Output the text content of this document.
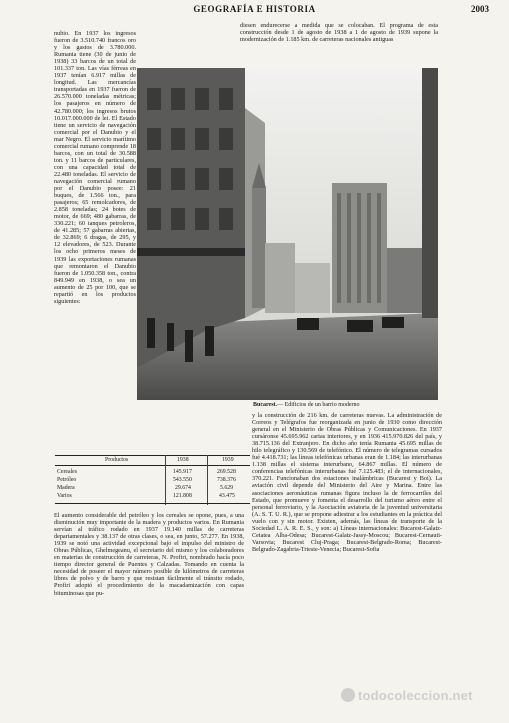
GEOGRAFÍA E HISTORIA	2003

nubio. En 1937 los ingresos fueron de 3.510.740 francos oro y los gastos de 3.780.000. Rumania tiene (30 de junio de 1938) 33 barcos de un total de 101.337 ton. Las vías férreas en 1937 tenían 6.917 millas de longitud. Las mercancías transportadas en 1937 fueron de 26.570.000 toneladas métricas; los pasajeros en número de 42.780.000; los ingresos brutos 10.017.000.000 de lei. El Estado tiene un servicio de navegación comercial por el Danubio y el mar Negro. El servicio marítimo comercial rumano comprende 18 barcos, con un total de 30.588 ton. y 11 barcos de particulares, con una capacidad total de 22.480 toneladas. El servicio de navegación comercial rumano por el Danubio posee: 21 buques, de 1.566 ton., para pasajeros; 65 remolcadores, de 2.858 toneladas; 24 botes de motor, de 669; 480 gabarras, de 330.221; 60 tanques petroleros, de 41.285; 57 gabarras abiertas, de 32.869; 6 dragas, de 295, y 12 elevadores, de 523. Durante los ocho primeros meses de 1939 las exportaciones rumanas que remontaron el Danubio fueron de 1.050.358 ton., contra 849.949 en 1938, o sea un aumento de 25 por 100, que se repartió en los productos siguientes:

diesen endurecerse a medida que se colocaban. El programa de esta construcción desde 1 de agosto de 1938 a 1 de agosto de 1939 supone la modernización de 1.185 km. de carreteras nacionales antiguas

Bucarest.— Edificios de un barrio moderno
Productos	1938	1939
Cereales	145.917	269.528
Petróleo	543.550	738.376
Madera	29.674	5.629
Varios	121.808	43.475

El aumento considerable del petróleo y los cereales se opone, pues, a una disminución muy importante de la madera y productos varios. En Rumania servían al tráfico rodado en 1937 19.140 millas de carreteras departamentales y 38.137 de otras clases, o sea, en junto, 57.277. En 1938, 1939 se notó una actividad excepcional bajo el impulso del ministro de Obras Públicas, Ghelmegeanu, el secretario del mismo y los colaboradores en materias de construcción de carreteras, N. Profiri, nombrado hacía poco tiempo director general de Puentes y Calzadas. Tomando en cuenta la necesidad de poseer el mayor número posible de kilómetros de carreteras libres de polvo y de barro y que resistan fácilmente el tránsito rodado, Profiri adoptó el procedimiento de la macadamización con capas bituminosas que pu-

y la construcción de 216 km. de carreteras nuevas. La administración de Correos y Telégrafos fue reorganizada en junio de 1930 como dirección general en el Ministerio de Obras Públicas y Comunicaciones. En 1937 cursáronse 45.695.962 cartas interiores, y en 1936 415.970.826 del país, y 38.715.136 del Extranjero. En dicho año tenía Rumania 45.695 millas de hilo telegráfico y 130.569 de telefónico. El número de telegramas cursados fué 4.418.731; las líneas telefónicas urbanas eran de 1.184; las interurbanas 1.138 millas el sistema interurbano, 64.867 millas. El número de conferencias telefónicas interurbanas fué 7.125.483; el de internacionales, 370.221. Funcionaban dos estaciones inalámbricas (Bucarest y Boí). La aviación civil depende del Ministerio del Aire y Marina. Entre las asociaciones aeronáuticas rumanas figura incluso la de ferrocarriles del Estado, que promueve y fomenta el desarrollo del turismo aéreo entre el personal ferroviario, y la Asociación aviatoria de la juventud universitaria (A. S. T. U. R.), que se propone adiestrar a los estudiantes en la práctica del vuelo con y sin motor. Existen, además, las líneas de transporte de la Sociedad L. A. R. E. S., y son: a) Líneas internacionales: Bucarest-Galatz-Cetatea Alba-Odesa; Bucarest-Galatz-Jassy-Moscou; Bucarest-Cernauti-Varsovia; Bucarest Cluj-Praga; Bucarest-Belgrado-Roma; Bucarest-Belgrado-Zagabria-Trieste-Venecia; Bucarest-Sofia

todocoleccion.net
